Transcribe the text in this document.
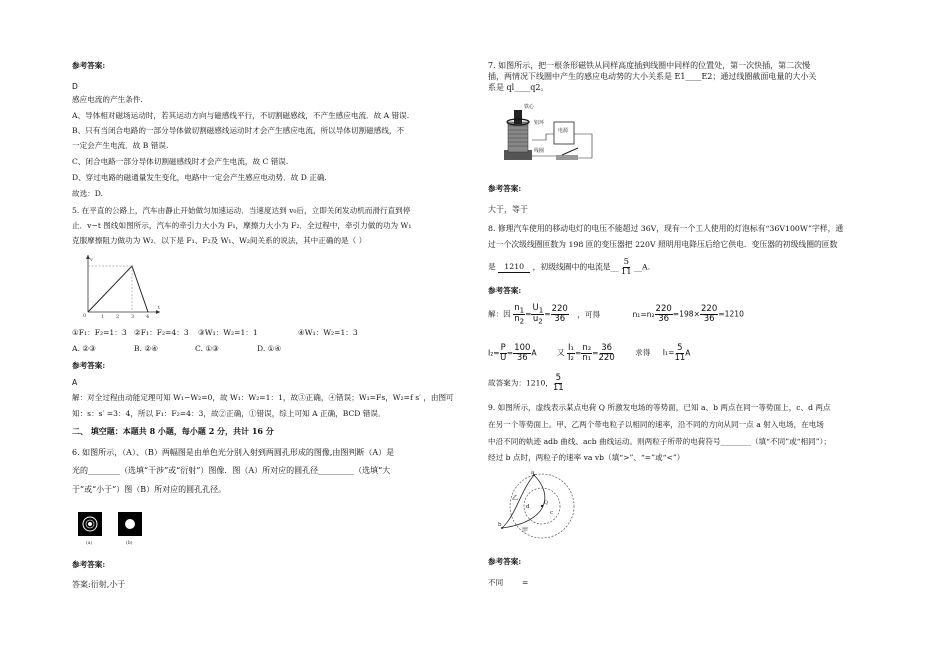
参考答案:
D
感应电流的产生条件.
A、导体相对磁场运动时，若其运动方向与磁感线平行，不切割磁感线，不产生感应电流．故 A 错误.
B、只有当闭合电路的一部分导体做切割磁感线运动时才会产生感应电流，所以导体切割磁感线，不
一定会产生电流．故 B 错误.
C、闭合电路一部分导体切割磁感线时才会产生电流，故 C 错误.
D、穿过电路的磁通量发生变化，电路中一定会产生感应电动势．故 D 正确.
故选：D.
5. 在平直的公路上，汽车由静止开始做匀加速运动．当速度达到 v₀后，立即关闭发动机而滑行直到停
止．v−t 图线如图所示，汽车的牵引力大小为 F₁，摩擦力大小为 F₂．全过程中，牵引力做的功为 W₁
克服摩擦阻力做功为 W₂．以下是 F₁、F₂及 W₁、W₂间关系的说法，其中正确的是（ ）
v
0	1 2 3 4
t
①F₁：F₂=1：3 ②F₁：F₂=4：3 ③W₁：W₂=1：1	④W₁：W₂=1：3
A. ②③	B. ②④	C. ①③	D. ①④
参考答案:
A
解：对全过程由动能定理可知 W₁−W₂=0，故 W₁：W₂=1：1，故③正确，④错误；W₁=Fs，W₂=f s′ ，由图可
知：s：s′ =3：4，所以 F₁：F₂=4：3，故②正确，①错误，综上可知 A 正确，BCD 错误．
二、 填空题：本题共 8 小题，每小题 2 分，共计 16 分
6. 如图所示，（A）、（B）两幅图是由单色光分别入射到两圆孔形成的图像,由图判断（A）是
光的________（选填“干涉”或“衍射”）图像．图（A）所对应的圆孔径_________（选填“大
于”或“小于”）图（B）所对应的圆孔孔径。
(a)	(b)
参考答案:
答案:衍射,小于
7. 如图所示，把一根条形磁铁从同样高度插到线圈中同样的位置处，第一次快插，第二次慢
插，两情况下线圈中产生的感应电动势的大小关系是 E1____E2；通过线圈截面电量的大小关
系是 ql____q2。
铁心
铝环
电源
线圈
参考答案:
大于，等于
8. 修理汽车使用的移动电灯的电压不能超过 36V，现有一个工人使用的灯泡标有“36V100W”字样，通
过一个次级线圈匝数为 198 匝的变压器把 220V 照明用电降压后给它供电．变压器的初级线圈的匝数
是 1210 ，初级线圈中的电流是__ $\frac{5}{11}$ __A.
参考答案:
解：因 $\frac{n_1}{n_2} = \frac{U_1}{u_2} = \frac{220}{36}$ ，可得	$n_1=n_2 \frac{220}{36} =198\times \frac{220}{36} =1210$
$I_2= \frac{P}{U} = \frac{100}{36}$ A	又 $\frac{\text{I₁}}{\text{I₂}} = \frac{\text{n₂}}{\text{n₁}} = \frac{36}{220}$	求得 $I_1= \frac{5}{11}$ A
故答案为：1210， $\frac{5}{11}$
9. 如图所示，虚线表示某点电荷 Q 所激发电场的等势面，已知 a、b 两点在同一等势面上，c、d 两点
在另一个等势面上。甲、乙两个带电粒子以相同的速率，沿不同的方向从同一点 a 射入电场，在电场
中沿不同的轨迹 adb 曲线、acb 曲线运动。则两粒子所带的电荷符号________（填“不同”或“相同”）；
经过 b 点时，两粒子的速率 va vb（填“>”、“=”或“<”）
a
乙
d
c
Q
b
甲
参考答案:
不同 =
